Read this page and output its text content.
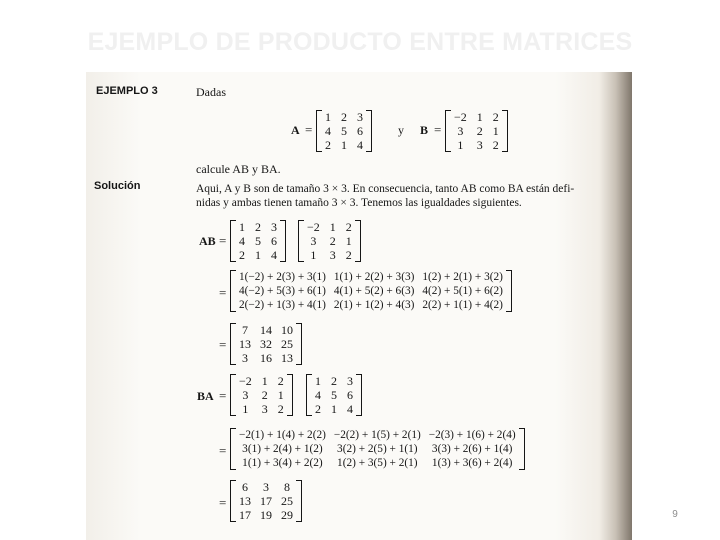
EJEMPLO DE PRODUCTO ENTRE MATRICES
EJEMPLO 3	Dadas
A =
1 2 3
4 5 6
2 1 4
y B =
−2 1 2
3 2 1
1 3 2
calcule AB y BA.
Solución	Aqui, A y B son de tamaño 3 × 3. En consecuencia, tanto AB como BA están defi-
nidas y ambas tienen tamaño 3 × 3. Tenemos las igualdades siguientes.
AB =
1 2 3
4 5 6
2 1 4
−2 1 2
3 2 1
1 3 2
=
1(−2) + 2(3) + 3(1) 1(1) + 2(2) + 3(3) 1(2) + 2(1) + 3(2)
4(−2) + 5(3) + 6(1) 4(1) + 5(2) + 6(3) 4(2) + 5(1) + 6(2)
2(−2) + 1(3) + 4(1) 2(1) + 1(2) + 4(3) 2(2) + 1(1) + 4(2)
=
7 14 10
13 32 25
3 16 13
BA =
−2 1 2
3 2 1
1 3 2
1 2 3
4 5 6
2 1 4
=
−2(1) + 1(4) + 2(2) −2(2) + 1(5) + 2(1) −2(3) + 1(6) + 2(4)
3(1) + 2(4) + 1(2) 3(2) + 2(5) + 1(1) 3(3) + 2(6) + 1(4)
1(1) + 3(4) + 2(2) 1(2) + 3(5) + 2(1) 1(3) + 3(6) + 2(4)
=
6 3 8
13 17 25
17 19 29	9
